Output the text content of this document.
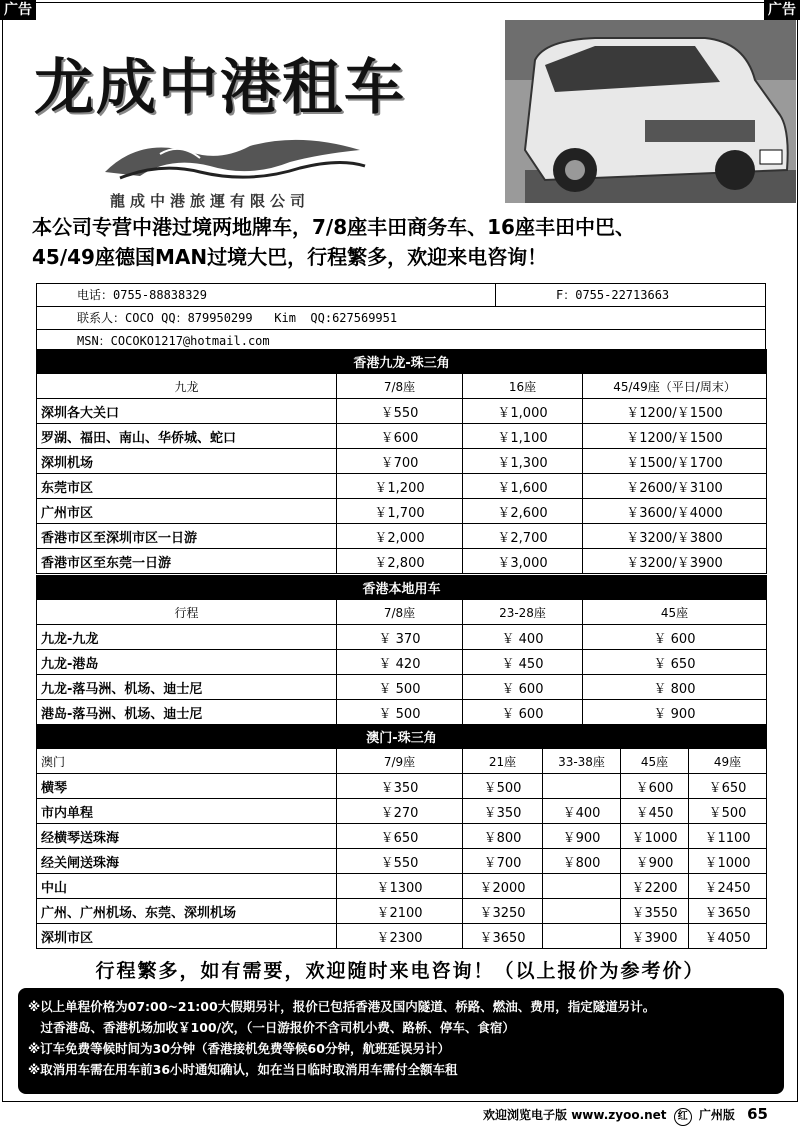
广告	广告
龙成中港租车
龍成中港旅運有限公司

本公司专营中港过境两地牌车，7/8座丰田商务车、16座丰田中巴、
45/49座德国MAN过境大巴，行程繁多，欢迎来电咨询！

电话：0755-88838329	F：0755-22713663
联系人：COCO QQ：879950299   Kim  QQ:627569951
MSN：COCOKO1217@hotmail.com
香港九龙-珠三角			
九龙	7/8座	16座	45/49座（平日/周末）
深圳各大关口	￥550	￥1,000	￥1200/￥1500
罗湖、福田、南山、华侨城、蛇口	￥600	￥1,100	￥1200/￥1500
深圳机场	￥700	￥1,300	￥1500/￥1700
东莞市区	￥1,200	￥1,600	￥2600/￥3100
广州市区	￥1,700	￥2,600	￥3600/￥4000
香港市区至深圳市区一日游	￥2,000	￥2,700	￥3200/￥3800
香港市区至东莞一日游	￥2,800	￥3,000	￥3200/￥3900
香港本地用车			
行程	7/8座	23-28座	45座
九龙-九龙	￥ 370	￥ 400	￥ 600
九龙-港岛	￥ 420	￥ 450	￥ 650
九龙-落马洲、机场、迪士尼	￥ 500	￥ 600	￥ 800
港岛-落马洲、机场、迪士尼	￥ 500	￥ 600	￥ 900
澳门-珠三角					
澳门	7/9座	21座	33-38座	45座	49座
横琴	￥350	￥500		￥600	￥650
市内单程	￥270	￥350	￥400	￥450	￥500
经横琴送珠海	￥650	￥800	￥900	￥1000	￥1100
经关闸送珠海	￥550	￥700	￥800	￥900	￥1000
中山	￥1300	￥2000		￥2200	￥2450
广州、广州机场、东莞、深圳机场	￥2100	￥3250		￥3550	￥3650
深圳市区	￥2300	￥3650		￥3900	￥4050

行程繁多，如有需要，欢迎随时来电咨询！（以上报价为参考价）

※以上单程价格为07:00~21:00大假期另计，报价已包括香港及国内隧道、桥路、燃油、费用，指定隧道另计。

　过香港岛、香港机场加收￥100/次，（一日游报价不含司机小费、路桥、停车、食宿）

※订车免费等候时间为30分钟（香港接机免费等候60分钟，航班延误另计）

※取消用车需在用车前36小时通知确认，如在当日临时取消用车需付全额车租

欢迎浏览电子版 www.zyoo.net 红 广州版 65
